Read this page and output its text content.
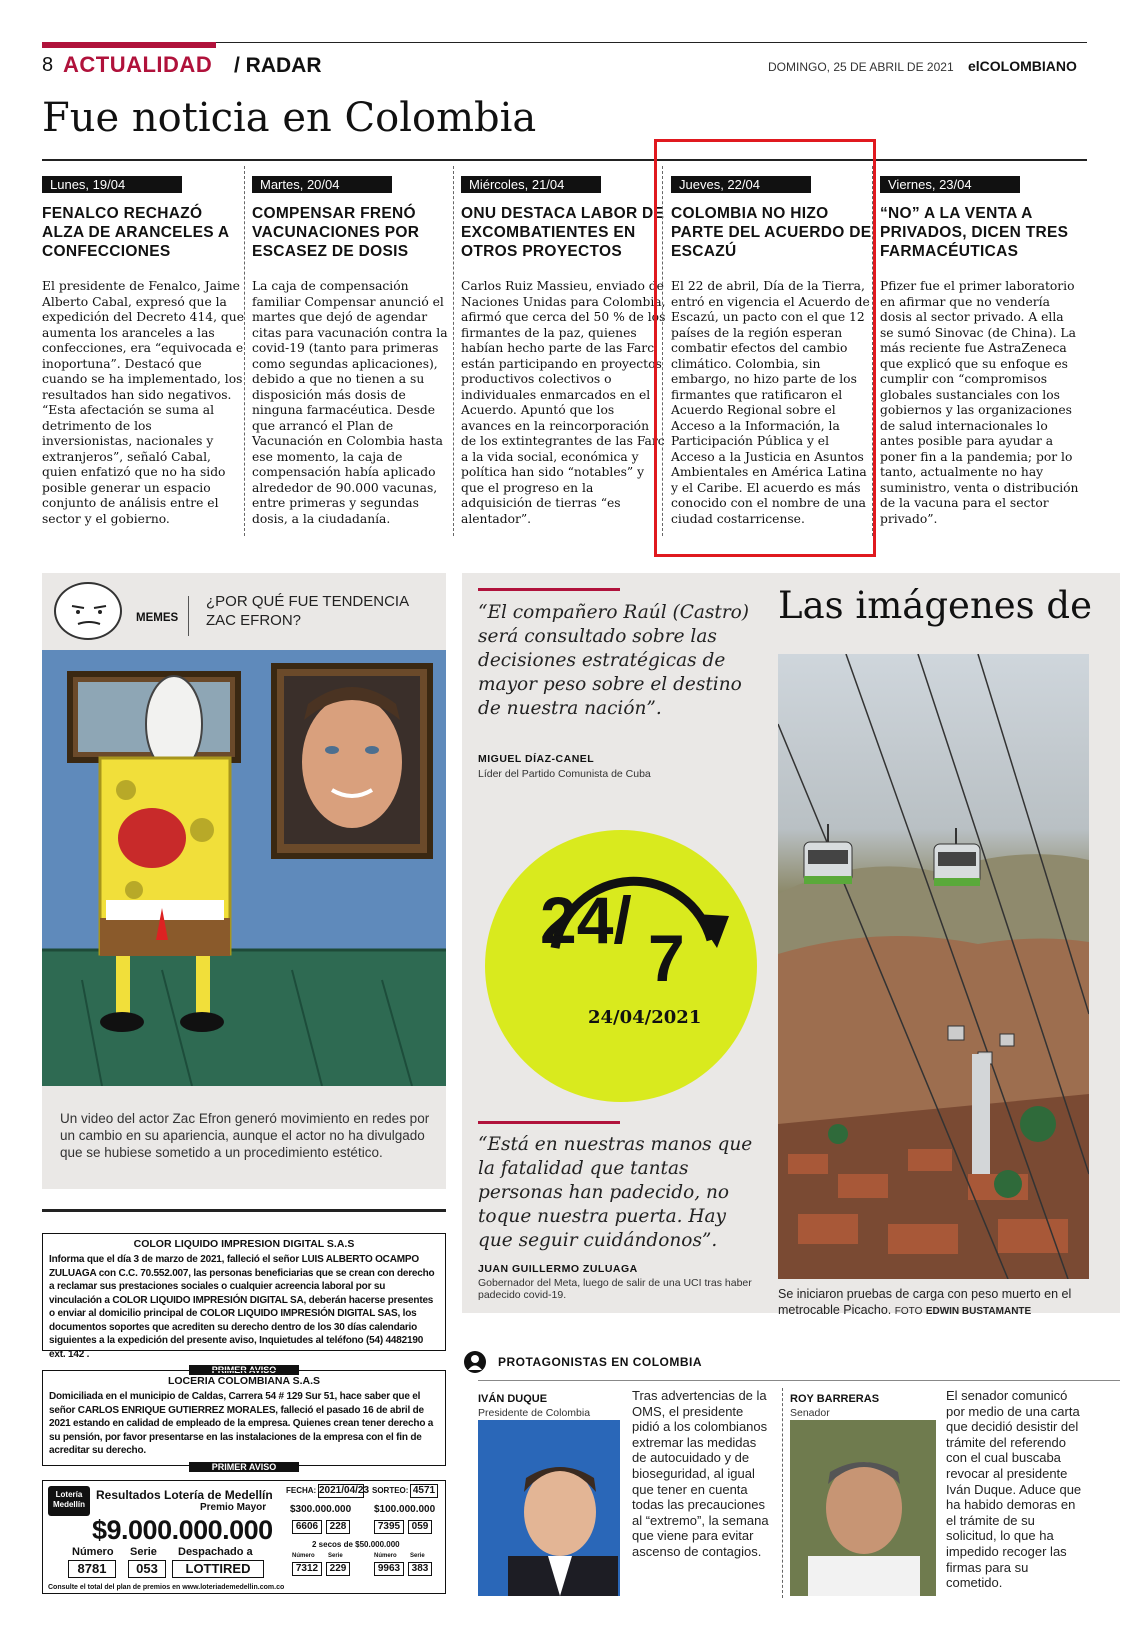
8 ACTUALIDAD / RADAR	DOMINGO, 25 DE ABRIL DE 2021 elCOLOMBIANO
Fue noticia en Colombia
Lunes, 19/04
FENALCO RECHAZÓ ALZA DE ARANCELES A CONFECCIONES
El presidente de Fenalco, Jaime Alberto Cabal, expresó que la expedición del Decreto 414, que aumenta los aranceles a las confecciones, era “equivocada e inoportuna”. Destacó que cuando se ha implementado, los resultados han sido negativos. “Esta afectación se suma al detrimento de los inversionistas, nacionales y extranjeros”, señaló Cabal, quien enfatizó que no ha sido posible generar un espacio conjunto de análisis entre el sector y el gobierno.
Martes, 20/04
COMPENSAR FRENÓ VACUNACIONES POR ESCASEZ DE DOSIS
La caja de compensación familiar Compensar anunció el martes que dejó de agendar citas para vacunación contra la covid-19 (tanto para primeras como segundas aplicaciones), debido a que no tienen a su disposición más dosis de ninguna farmacéutica. Desde que arrancó el Plan de Vacunación en Colombia hasta ese momento, la caja de compensación había aplicado alrededor de 90.000 vacunas, entre primeras y segundas dosis, a la ciudadanía.
Miércoles, 21/04
ONU DESTACA LABOR DE EXCOMBATIENTES EN OTROS PROYECTOS
Carlos Ruiz Massieu, enviado de Naciones Unidas para Colombia, afirmó que cerca del 50 % de los firmantes de la paz, quienes habían hecho parte de las Farc, están participando en proyectos productivos colectivos o individuales enmarcados en el Acuerdo. Apuntó que los avances en la reincorporación de los extintegrantes de las Farc a la vida social, económica y política han sido “notables” y que el progreso en la adquisición de tierras “es alentador”.
Jueves, 22/04
COLOMBIA NO HIZO PARTE DEL ACUERDO DE ESCAZÚ
El 22 de abril, Día de la Tierra, entró en vigencia el Acuerdo de Escazú, un pacto con el que 12 países de la región esperan combatir efectos del cambio climático. Colombia, sin embargo, no hizo parte de los firmantes que ratificaron el Acuerdo Regional sobre el Acceso a la Información, la Participación Pública y el Acceso a la Justicia en Asuntos Ambientales en América Latina y el Caribe. El acuerdo es más conocido con el nombre de una ciudad costarricense.
Viernes, 23/04
“NO” A LA VENTA A PRIVADOS, DICEN TRES FARMACÉUTICAS
Pfizer fue el primer laboratorio en afirmar que no vendería dosis al sector privado. A ella se sumó Sinovac (de China). La más reciente fue AstraZeneca que explicó que su enfoque es cumplir con “compromisos globales sustanciales con los gobiernos y las organizaciones de salud internacionales lo antes posible para ayudar a poner fin a la pandemia; por lo tanto, actualmente no hay suministro, venta o distribución de la vacuna para el sector privado”.
MEMES
¿POR QUÉ FUE TENDENCIA ZAC EFRON?
Un video del actor Zac Efron generó movimiento en redes por un cambio en su apariencia, aunque el actor no ha divulgado que se hubiese sometido a un procedimiento estético.
“El compañero Raúl (Castro) será consultado sobre las decisiones estratégicas de mayor peso sobre el destino de nuestra nación”.
MIGUEL DÍAZ-CANEL
Líder del Partido Comunista de Cuba
24/
7
24/04/2021
“Está en nuestras manos que la fatalidad que tantas personas han padecido, no toque nuestra puerta. Hay que seguir cuidándonos”.
JUAN GUILLERMO ZULUAGA
Gobernador del Meta, luego de salir de una UCI tras haber padecido covid-19.
Las imágenes de
Se iniciaron pruebas de carga con peso muerto en el metrocable Picacho. FOTO EDWIN BUSTAMANTE
COLOR LIQUIDO IMPRESION DIGITAL S.A.S
Informa que el día 3 de marzo de 2021, falleció el señor LUIS ALBERTO OCAMPO ZULUAGA con C.C. 70.552.007, las personas beneficiarias que se crean con derecho a reclamar sus prestaciones sociales o cualquier acreencia laboral por su vinculación a COLOR LIQUIDO IMPRESIÓN DIGITAL SA, deberán hacerse presentes o enviar al domicilio principal de COLOR LIQUIDO IMPRESIÓN DIGITAL SAS, los documentos soportes que acrediten su derecho dentro de los 30 días calendario siguientes a la expedición del presente aviso, Inquietudes al teléfono (54) 4482190 ext. 142 .
PRIMER AVISO
LOCERIA COLOMBIANA S.A.S
Domiciliada en el municipio de Caldas, Carrera 54 # 129 Sur 51, hace saber que el señor CARLOS ENRIQUE GUTIERREZ MORALES, falleció el pasado 16 de abril de 2021 estando en calidad de empleado de la empresa. Quienes crean tener derecho a su pensión, por favor presentarse en las instalaciones de la empresa con el fin de acreditar su derecho.
PRIMER AVISO
Lotería Medellín
Resultados Lotería de Medellín
Premio Mayor
$9.000.000.000
Número Serie Despachado a
8781	053	LOTTIRED
Consulte el total del plan de premios en www.loteriademedellin.com.co
FECHA: 2021/04/23 SORTEO: 4571
$300.000.000 $100.000.000
6606	228	7395	059
2 secos de $50.000.000
Número Serie	Número Serie
7312	229	9963	383
PROTAGONISTAS EN COLOMBIA
IVÁN DUQUE
Presidente de Colombia
Tras advertencias de la OMS, el presidente pidió a los colombianos extremar las medidas de autocuidado y de bioseguridad, al igual que tener en cuenta todas las precauciones al “extremo”, la semana que viene para evitar ascenso de contagios.
ROY BARRERAS
Senador
El senador comunicó por medio de una carta que decidió desistir del trámite del referendo con el cual buscaba revocar al presidente Iván Duque. Aduce que ha habido demoras en el trámite de su solicitud, lo que ha impedido recoger las firmas para su cometido.
